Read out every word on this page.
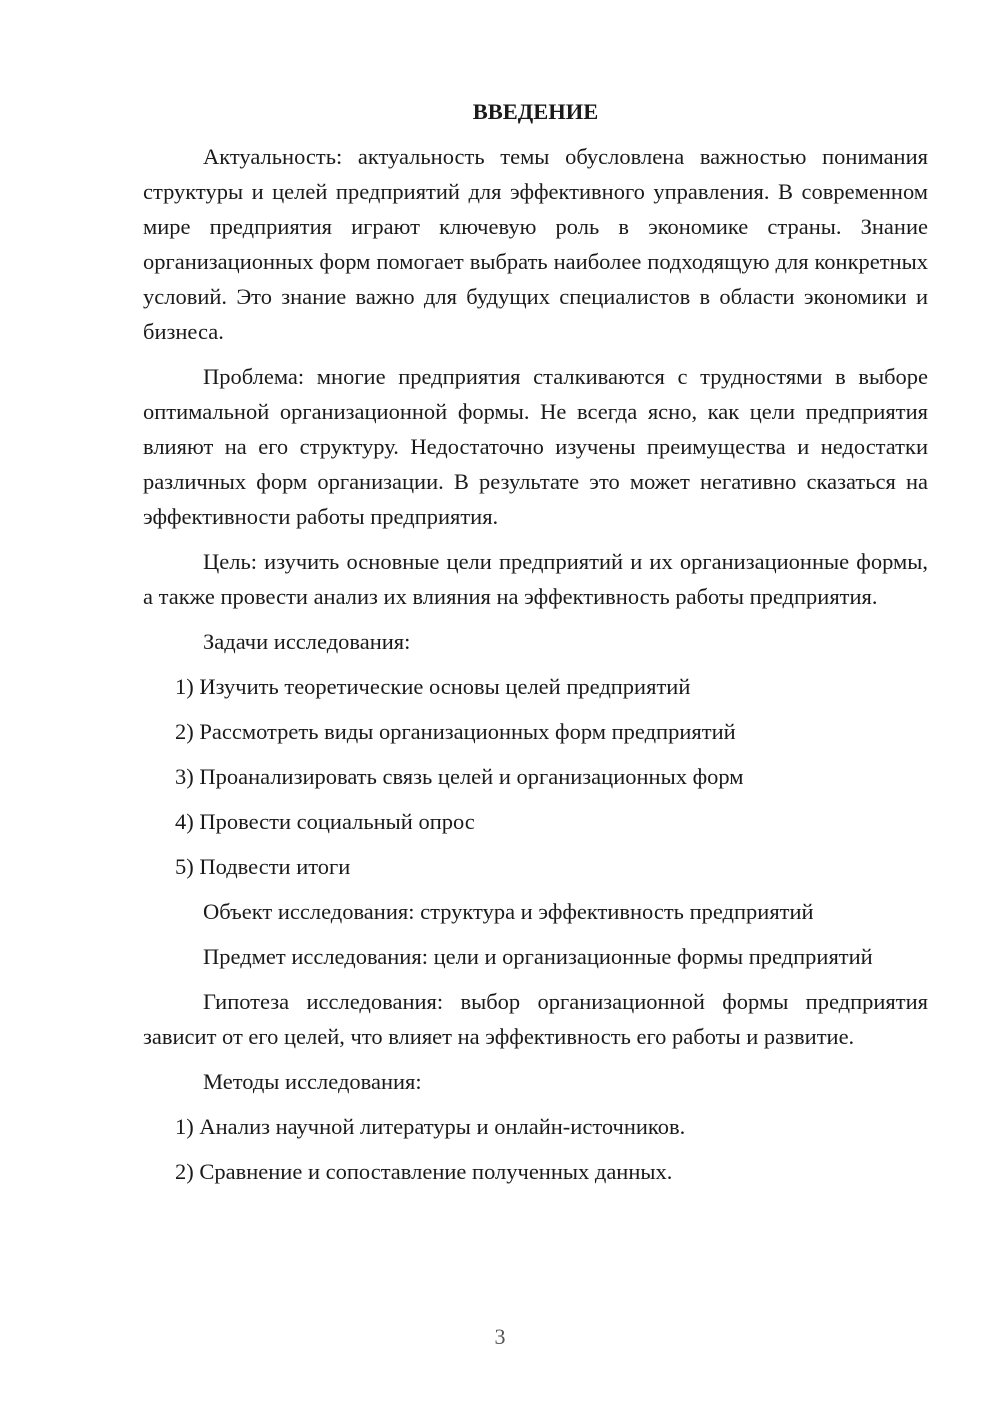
ВВЕДЕНИЕ

Актуальность: актуальность темы обусловлена важностью понимания структуры и целей предприятий для эффективного управления. В современном мире предприятия играют ключевую роль в экономике страны. Знание организационных форм помогает выбрать наиболее подходящую для конкретных условий. Это знание важно для будущих специалистов в области экономики и бизнеса.

Проблема: многие предприятия сталкиваются с трудностями в выборе оптимальной организационной формы. Не всегда ясно, как цели предприятия влияют на его структуру. Недостаточно изучены преимущества и недостатки различных форм организации. В результате это может негативно сказаться на эффективности работы предприятия.

Цель: изучить основные цели предприятий и их организационные формы, а также провести анализ их влияния на эффективность работы предприятия.

Задачи исследования:

1) Изучить теоретические основы целей предприятий

2) Рассмотреть виды организационных форм предприятий

3) Проанализировать связь целей и организационных форм

4) Провести социальный опрос

5) Подвести итоги

Объект исследования: структура и эффективность предприятий

Предмет исследования: цели и организационные формы предприятий

Гипотеза исследования: выбор организационной формы предприятия зависит от его целей, что влияет на эффективность его работы и развитие.

Методы исследования:

1) Анализ научной литературы и онлайн-источников.

2) Сравнение и сопоставление полученных данных.

3
